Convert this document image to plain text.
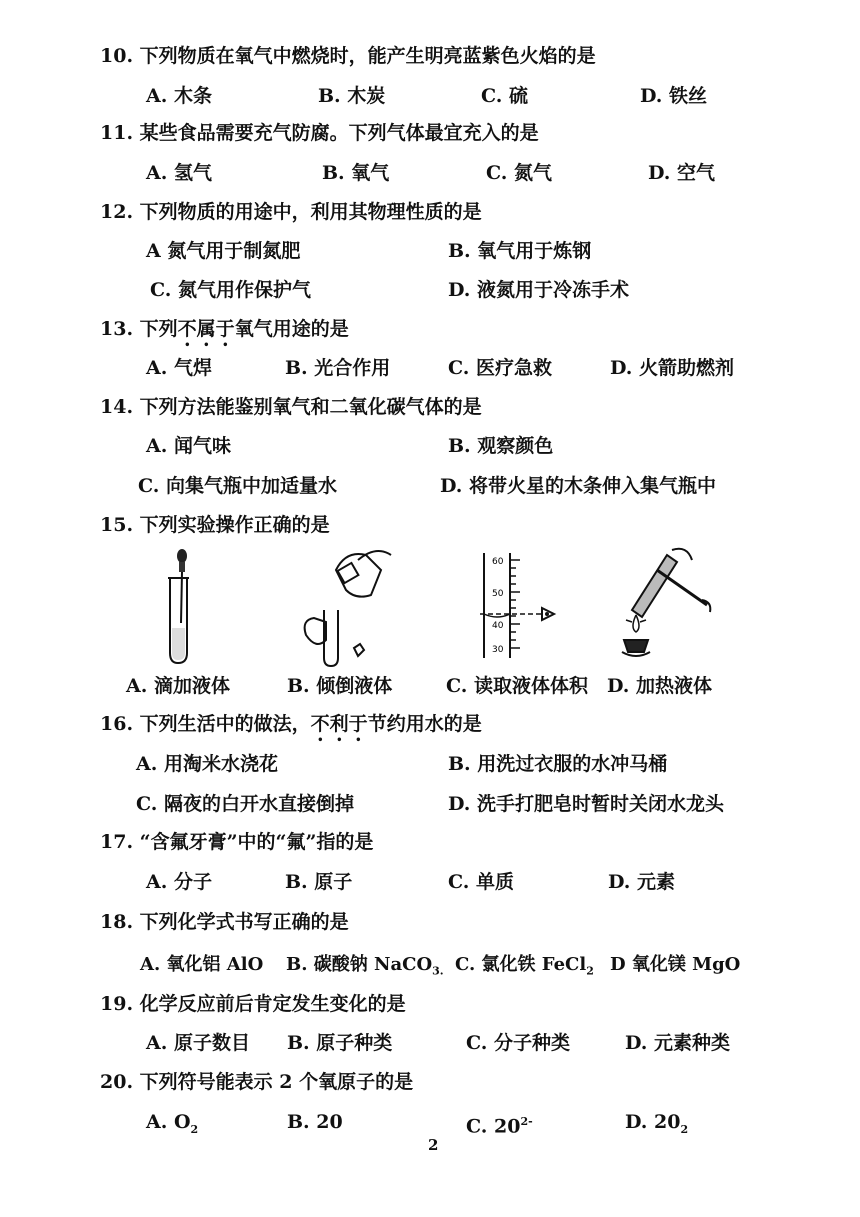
10. 下列物质在氧气中燃烧时，能产生明亮蓝紫色火焰的是
A. 木条	B. 木炭	C. 硫	D. 铁丝
11. 某些食品需要充气防腐。下列气体最宜充入的是
A. 氢气	B. 氧气	C. 氮气	D. 空气
12. 下列物质的用途中，利用其物理性质的是
A 氮气用于制氮肥	B. 氧气用于炼钢
C. 氮气用作保护气	D. 液氮用于冷冻手术
13. 下列不属于氧气用途的是
A. 气焊	B. 光合作用	C. 医疗急救	D. 火箭助燃剂
14. 下列方法能鉴别氧气和二氧化碳气体的是
A. 闻气味	B. 观察颜色
C. 向集气瓶中加适量水	D. 将带火星的木条伸入集气瓶中
15. 下列实验操作正确的是
60
50
40
30
A. 滴加液体	B. 倾倒液体	C. 读取液体体积 D. 加热液体
16. 下列生活中的做法，不利于节约用水的是
A. 用淘米水浇花	B. 用洗过衣服的水冲马桶
C. 隔夜的白开水直接倒掉	D. 洗手打肥皂时暂时关闭水龙头
17. “含氟牙膏”中的“氟”指的是
A. 分子	B. 原子	C. 单质	D. 元素
18. 下列化学式书写正确的是
A. 氧化铝 AlO B. 碳酸钠 NaCO$_{3.}$ C. 氯化铁 FeCl$_2$ D 氧化镁 MgO
19. 化学反应前后肯定发生变化的是
A. 原子数目 B. 原子种类	C. 分子种类	D. 元素种类
20. 下列符号能表示 2 个氧原子的是
A. $O_2$	B. 20	C. $20^{2-}$	D. $20_2$
2
